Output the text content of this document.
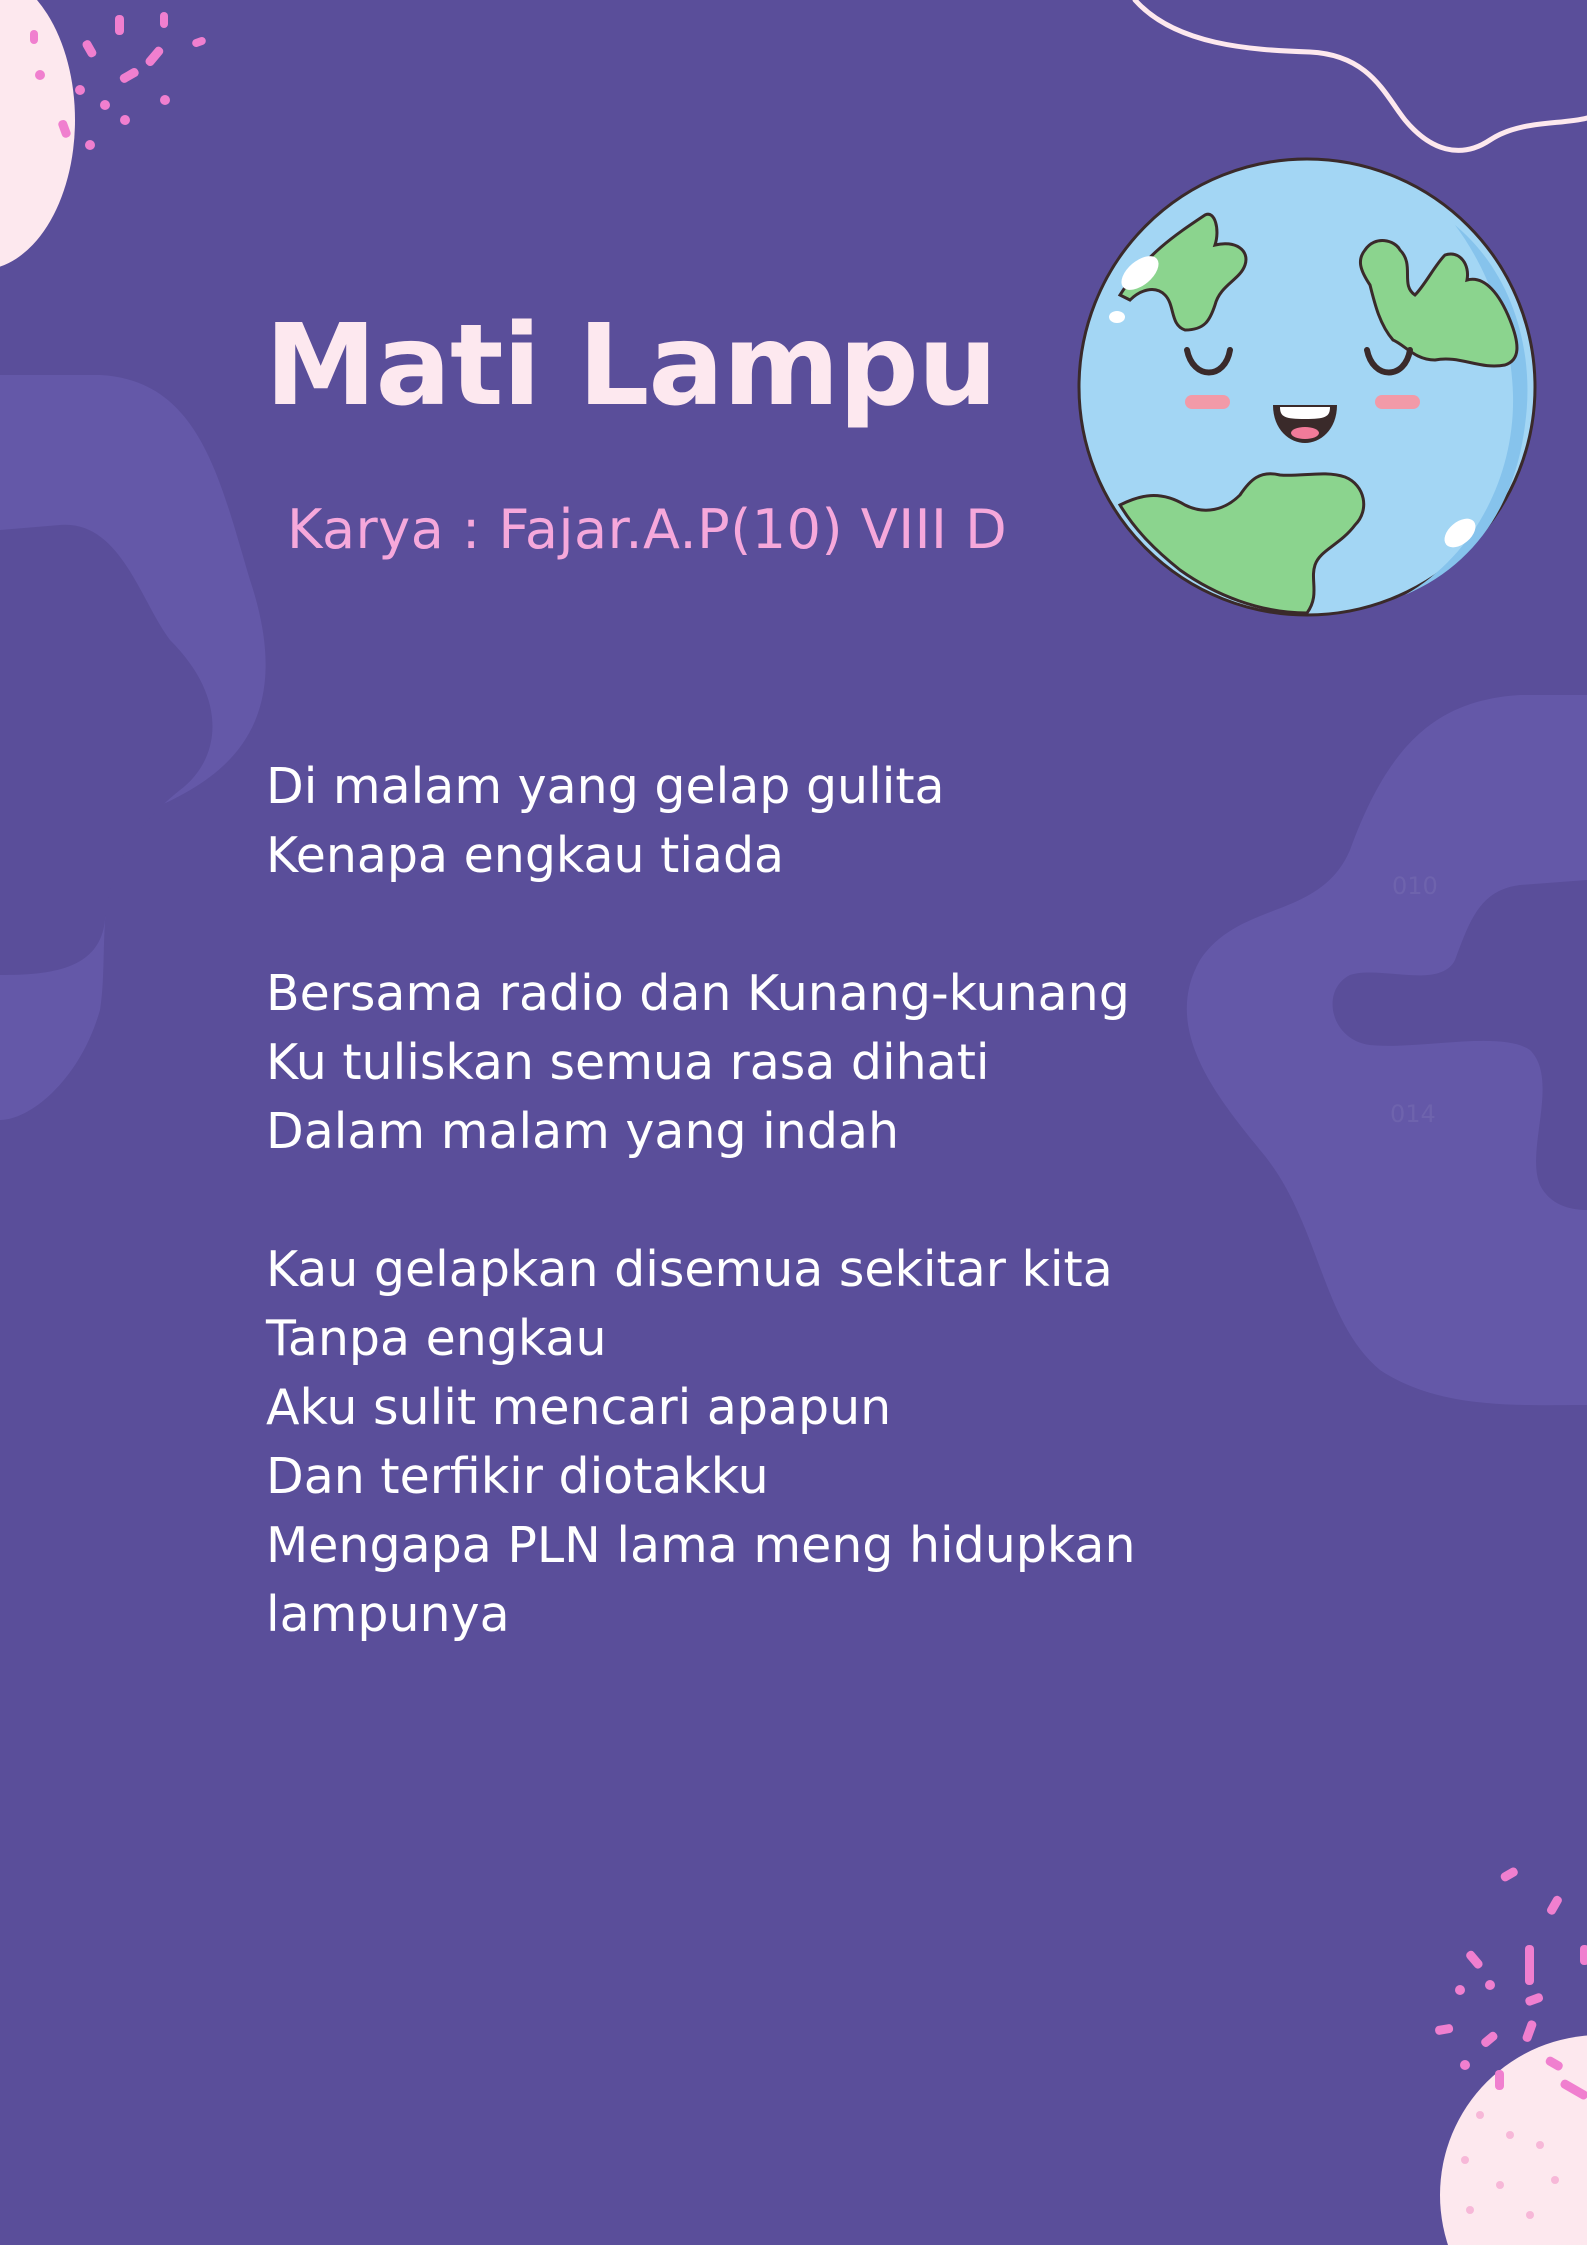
010
014
Mati Lampu

Karya : Fajar.A.P(10) VIII D

Di malam yang gelap gulita
Kenapa engkau tiada
Bersama radio dan Kunang-kunang
Ku tuliskan semua rasa dihati
Dalam malam yang indah
Kau gelapkan disemua sekitar kita
Tanpa engkau
Aku sulit mencari apapun
Dan terfikir diotakku
Mengapa PLN lama meng hidupkan
lampunya
